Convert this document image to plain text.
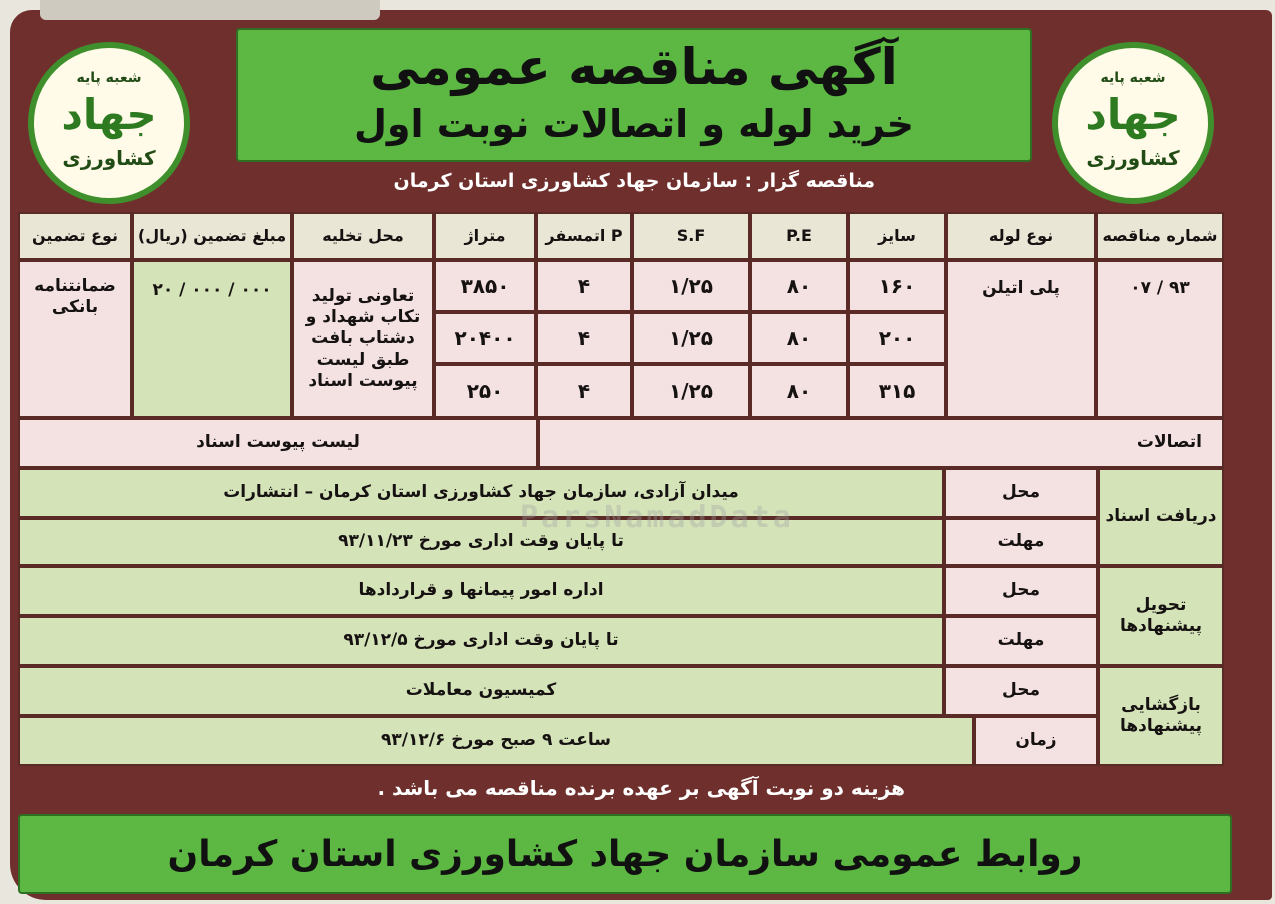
شعبه پایه
جهاد
کشاورزی
شعبه پایه
جهاد
کشاورزی
آگهی مناقصه عمومی
خرید لوله و اتصالات نوبت اول
مناقصه گزار : سازمان جهاد کشاورزی استان کرمان
شماره مناقصه
نوع لوله
سایز
P.E
S.F
P اتمسفر
متراژ
محل تخلیه
مبلغ تضمین (ریال)
نوع تضمین
۹۳ / ۰۷
پلی اتیلن
تعاونی تولید تکاب شهداد و دشتاب بافت طبق لیست پیوست اسناد
۰۰۰ / ۰۰۰ / ۲۰
ضمانتنامه بانکی
۱۶۰
۸۰
۱/۲۵
۴
۳۸۵۰
۲۰۰
۸۰
۱/۲۵
۴
۲۰۴۰۰
۳۱۵
۸۰
۱/۲۵
۴
۲۵۰
اتصالات
لیست پیوست اسناد
دریافت اسناد
محل
میدان آزادی، سازمان جهاد کشاورزی استان کرمان – انتشارات
مهلت
تا پایان وقت اداری مورخ ۹۳/۱۱/۲۳
تحویل پیشنهادها
محل
اداره امور پیمانها و قراردادها
مهلت
تا پایان وقت اداری مورخ ۹۳/۱۲/۵
بازگشایی پیشنهادها
محل
کمیسیون معاملات
زمان
ساعت ۹ صبح مورخ ۹۳/۱۲/۶
ParsNamadData
هزینه دو نوبت آگهی بر عهده برنده مناقصه می باشد .
روابط عمومی سازمان جهاد کشاورزی استان کرمان
